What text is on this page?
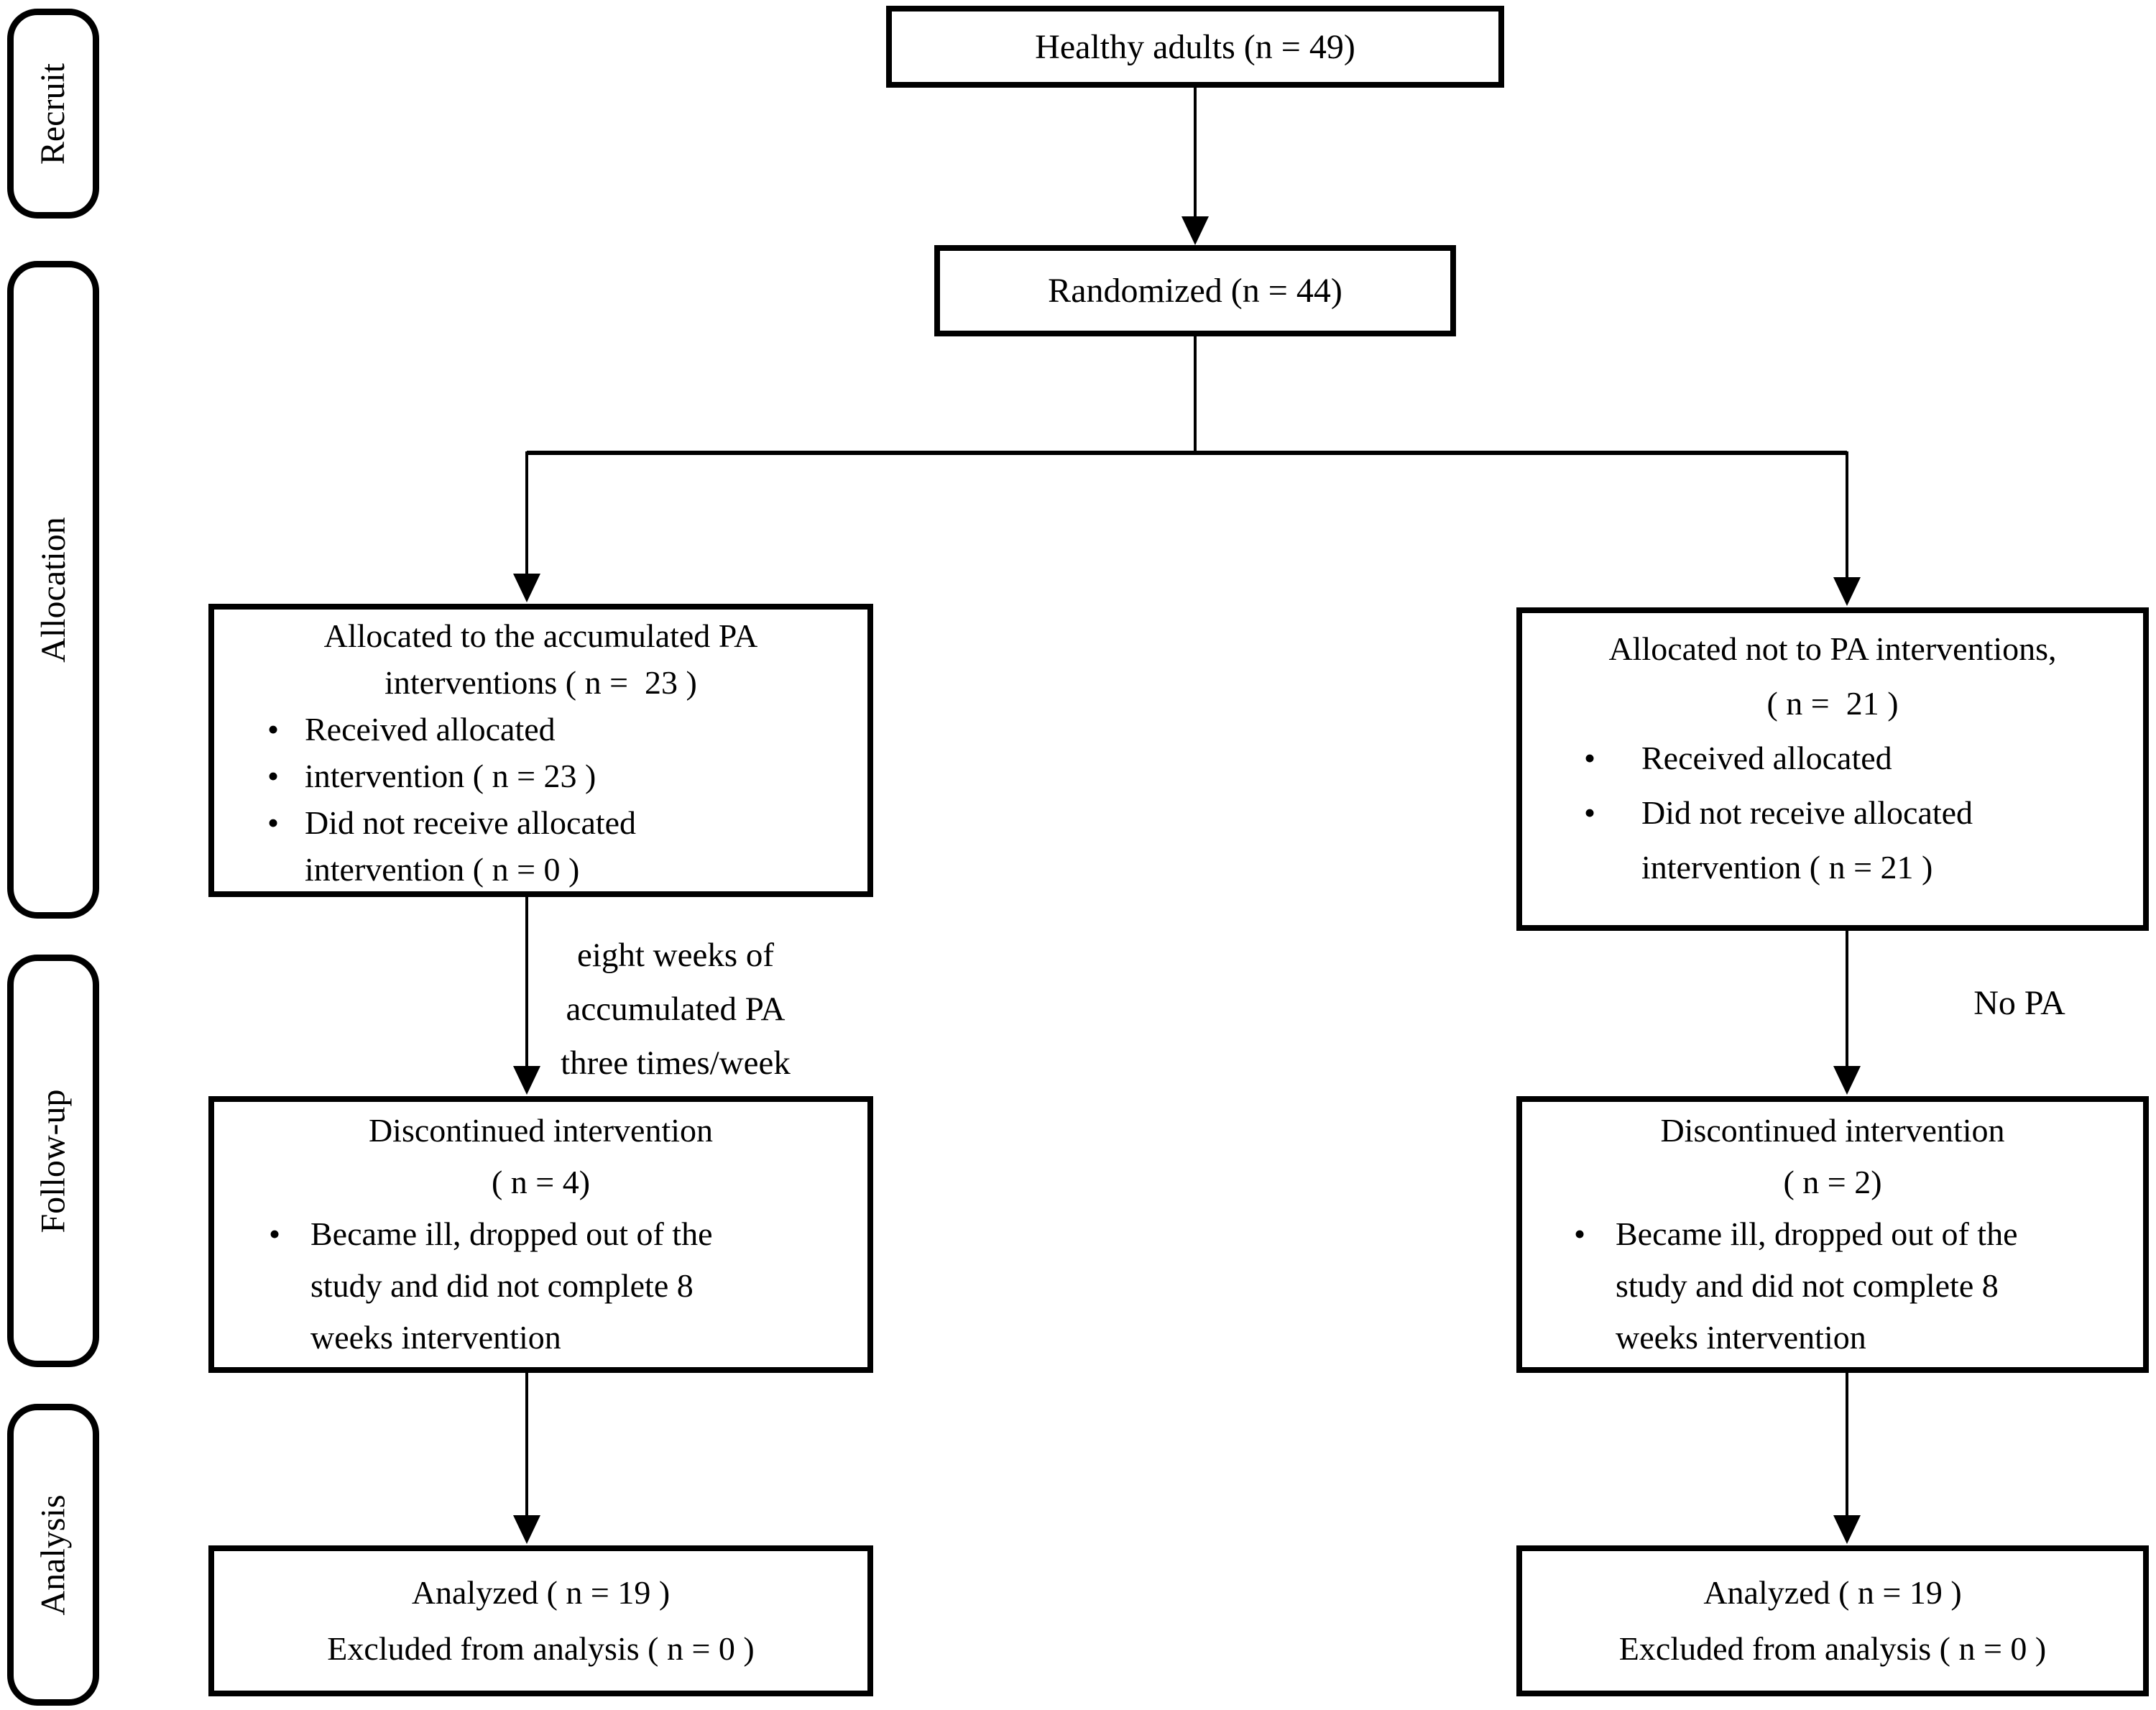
Recruit
Allocation
Follow-up
Analysis
Healthy adults (n = 49)
Randomized (n = 44)
Allocated to the accumulated PA
interventions ( n =  23 )
•
Received allocated
•
intervention ( n = 23 )
•
Did not receive allocated
intervention ( n = 0 )
Allocated not to PA interventions,
( n =  21 )
•
Received allocated
•
Did not receive allocated
intervention ( n = 21 )
eight weeks of
accumulated PA
three times/week
No PA
Discontinued intervention
( n = 4)
•
Became ill, dropped out of the
study and did not complete 8
weeks intervention
Discontinued intervention
( n = 2)
•
Became ill, dropped out of the
study and did not complete 8
weeks intervention
Analyzed ( n = 19 )
Excluded from analysis ( n = 0 )
Analyzed ( n = 19 )
Excluded from analysis ( n = 0 )
